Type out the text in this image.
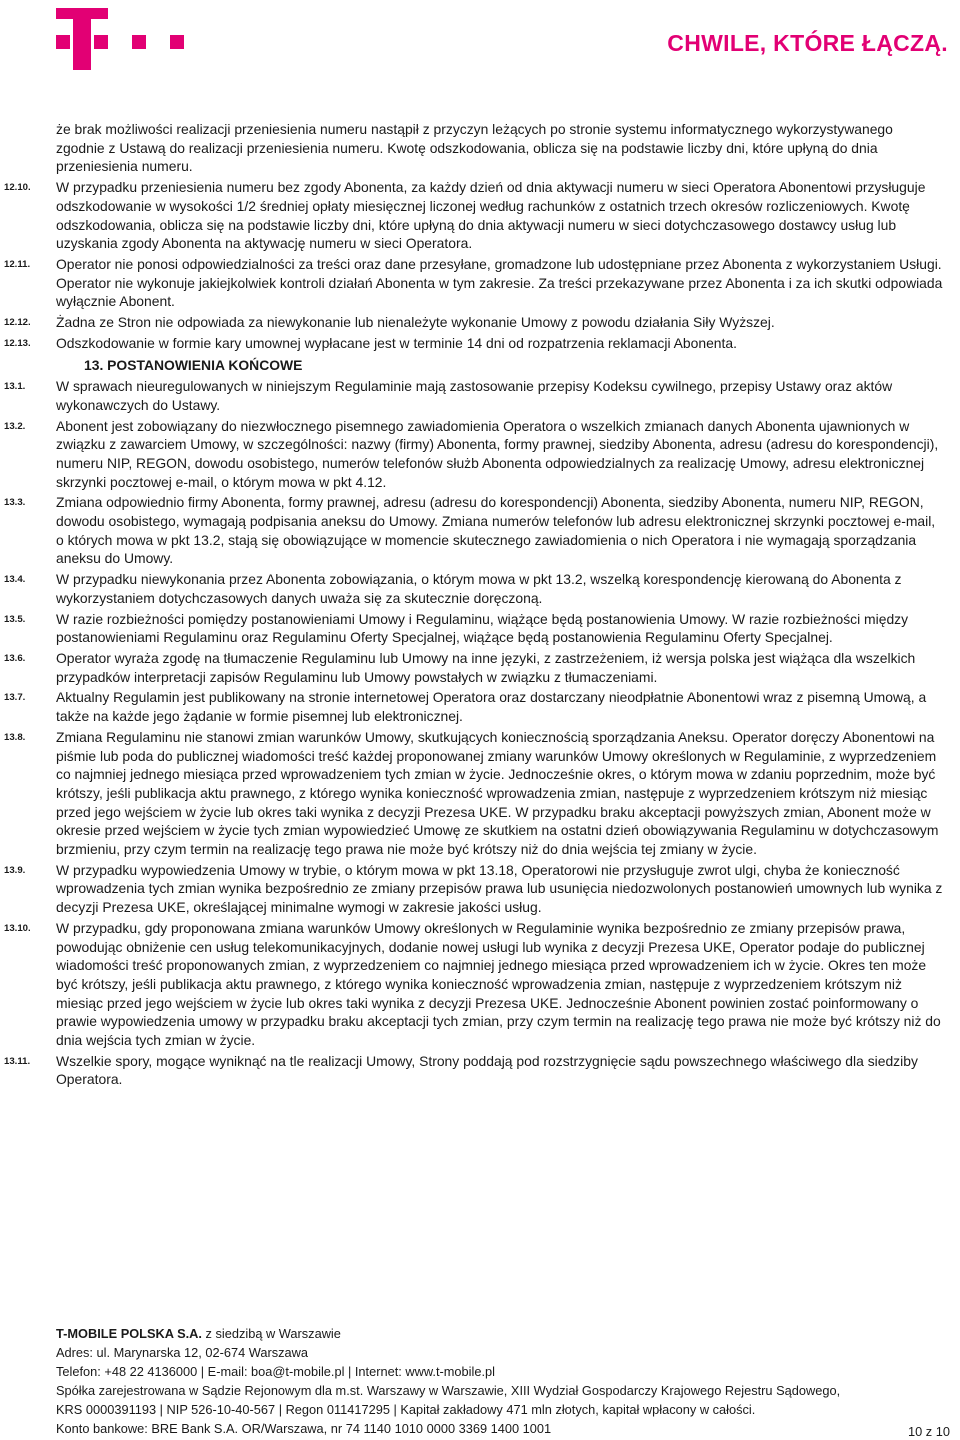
CHWILE, KTÓRE ŁĄCZĄ.
że brak możliwości realizacji przeniesienia numeru nastąpił z przyczyn leżących po stronie systemu informatycznego wykorzystywanego zgodnie z Ustawą do realizacji przeniesienia numeru. Kwotę odszkodowania, oblicza się na podstawie liczby dni, które upłyną do dnia przeniesienia numeru.
12.10. W przypadku przeniesienia numeru bez zgody Abonenta, za każdy dzień od dnia aktywacji numeru w sieci Operatora Abonentowi przysługuje odszkodowanie w wysokości 1/2 średniej opłaty miesięcznej liczonej według rachunków z ostatnich trzech okresów rozliczeniowych. Kwotę odszkodowania, oblicza się na podstawie liczby dni, które upłyną do dnia aktywacji numeru w sieci dotychczasowego dostawcy usług lub uzyskania zgody Abonenta na aktywację numeru w sieci Operatora.
12.11. Operator nie ponosi odpowiedzialności za treści oraz dane przesyłane, gromadzone lub udostępniane przez Abonenta z wykorzystaniem Usługi. Operator nie wykonuje jakiejkolwiek kontroli działań Abonenta w tym zakresie. Za treści przekazywane przez Abonenta i za ich skutki odpowiada wyłącznie Abonent.
12.12. Żadna ze Stron nie odpowiada za niewykonanie lub nienależyte wykonanie Umowy z powodu działania Siły Wyższej.
12.13. Odszkodowanie w formie kary umownej wypłacane jest w terminie 14 dni od rozpatrzenia reklamacji Abonenta.
13. POSTANOWIENIA KOŃCOWE
13.1. W sprawach nieuregulowanych w niniejszym Regulaminie mają zastosowanie przepisy Kodeksu cywilnego, przepisy Ustawy oraz aktów wykonawczych do Ustawy.
13.2. Abonent jest zobowiązany do niezwłocznego pisemnego zawiadomienia Operatora o wszelkich zmianach danych Abonenta ujawnionych w związku z zawarciem Umowy, w szczególności: nazwy (firmy) Abonenta, formy prawnej, siedziby Abonenta, adresu (adresu do korespondencji), numeru NIP, REGON, dowodu osobistego, numerów telefonów służb Abonenta odpowiedzialnych za realizację Umowy, adresu elektronicznej skrzynki pocztowej e-mail, o którym mowa w pkt 4.12.
13.3. Zmiana odpowiednio firmy Abonenta, formy prawnej, adresu (adresu do korespondencji) Abonenta, siedziby Abonenta, numeru NIP, REGON, dowodu osobistego, wymagają podpisania aneksu do Umowy. Zmiana numerów telefonów lub adresu elektronicznej skrzynki pocztowej e-mail, o których mowa w pkt 13.2, stają się obowiązujące w momencie skutecznego zawiadomienia o nich Operatora i nie wymagają sporządzania aneksu do Umowy.
13.4. W przypadku niewykonania przez Abonenta zobowiązania, o którym mowa w pkt 13.2, wszelką korespondencję kierowaną do Abonenta z wykorzystaniem dotychczasowych danych uważa się za skutecznie doręczoną.
13.5. W razie rozbieżności pomiędzy postanowieniami Umowy i Regulaminu, wiążące będą postanowienia Umowy. W razie rozbieżności między postanowieniami Regulaminu oraz Regulaminu Oferty Specjalnej, wiążące będą postanowienia Regulaminu Oferty Specjalnej.
13.6. Operator wyraża zgodę na tłumaczenie Regulaminu lub Umowy na inne języki, z zastrzeżeniem, iż wersja polska jest wiążąca dla wszelkich przypadków interpretacji zapisów Regulaminu lub Umowy powstałych w związku z tłumaczeniami.
13.7. Aktualny Regulamin jest publikowany na stronie internetowej Operatora oraz dostarczany nieodpłatnie Abonentowi wraz z pisemną Umową, a także na każde jego żądanie w formie pisemnej lub elektronicznej.
13.8. Zmiana Regulaminu nie stanowi zmian warunków Umowy, skutkujących koniecznością sporządzania Aneksu. Operator doręczy Abonentowi na piśmie lub poda do publicznej wiadomości treść każdej proponowanej zmiany warunków Umowy określonych w Regulaminie, z wyprzedzeniem co najmniej jednego miesiąca przed wprowadzeniem tych zmian w życie. Jednocześnie okres, o którym mowa w zdaniu poprzednim, może być krótszy, jeśli publikacja aktu prawnego, z którego wynika konieczność wprowadzenia zmian, następuje z wyprzedzeniem krótszym niż miesiąc przed jego wejściem w życie lub okres taki wynika z decyzji Prezesa UKE. W przypadku braku akceptacji powyższych zmian, Abonent może w okresie przed wejściem w życie tych zmian wypowiedzieć Umowę ze skutkiem na ostatni dzień obowiązywania Regulaminu w dotychczasowym brzmieniu, przy czym termin na realizację tego prawa nie może być krótszy niż do dnia wejścia tej zmiany w życie.
13.9. W przypadku wypowiedzenia Umowy w trybie, o którym mowa w pkt 13.18, Operatorowi nie przysługuje zwrot ulgi, chyba że konieczność wprowadzenia tych zmian wynika bezpośrednio ze zmiany przepisów prawa lub usunięcia niedozwolonych postanowień umownych lub wynika z decyzji Prezesa UKE, określającej minimalne wymogi w zakresie jakości usług.
13.10. W przypadku, gdy proponowana zmiana warunków Umowy określonych w Regulaminie wynika bezpośrednio ze zmiany przepisów prawa, powodując obniżenie cen usług telekomunikacyjnych, dodanie nowej usługi lub wynika z decyzji Prezesa UKE, Operator podaje do publicznej wiadomości treść proponowanych zmian, z wyprzedzeniem co najmniej jednego miesiąca przed wprowadzeniem ich w życie. Okres ten może być krótszy, jeśli publikacja aktu prawnego, z którego wynika konieczność wprowadzenia zmian, następuje z wyprzedzeniem krótszym niż miesiąc przed jego wejściem w życie lub okres taki wynika z decyzji Prezesa UKE. Jednocześnie Abonent powinien zostać poinformowany o prawie wypowiedzenia umowy w przypadku braku akceptacji tych zmian, przy czym termin na realizację tego prawa nie może być krótszy niż do dnia wejścia tych zmian w życie.
13.11. Wszelkie spory, mogące wyniknąć na tle realizacji Umowy, Strony poddają pod rozstrzygnięcie sądu powszechnego właściwego dla siedziby Operatora.
T-MOBILE POLSKA S.A. z siedzibą w Warszawie
Adres: ul. Marynarska 12, 02-674 Warszawa
Telefon: +48 22 4136000 | E-mail: boa@t-mobile.pl | Internet: www.t-mobile.pl
Spółka zarejestrowana w Sądzie Rejonowym dla m.st. Warszawy w Warszawie, XIII Wydział Gospodarczy Krajowego Rejestru Sądowego,
KRS 0000391193 | NIP 526-10-40-567 | Regon 011417295 | Kapitał zakładowy 471 mln złotych, kapitał wpłacony w całości.
Konto bankowe: BRE Bank S.A. OR/Warszawa, nr 74 1140 1010 0000 3369 1400 1001	10 z 10
